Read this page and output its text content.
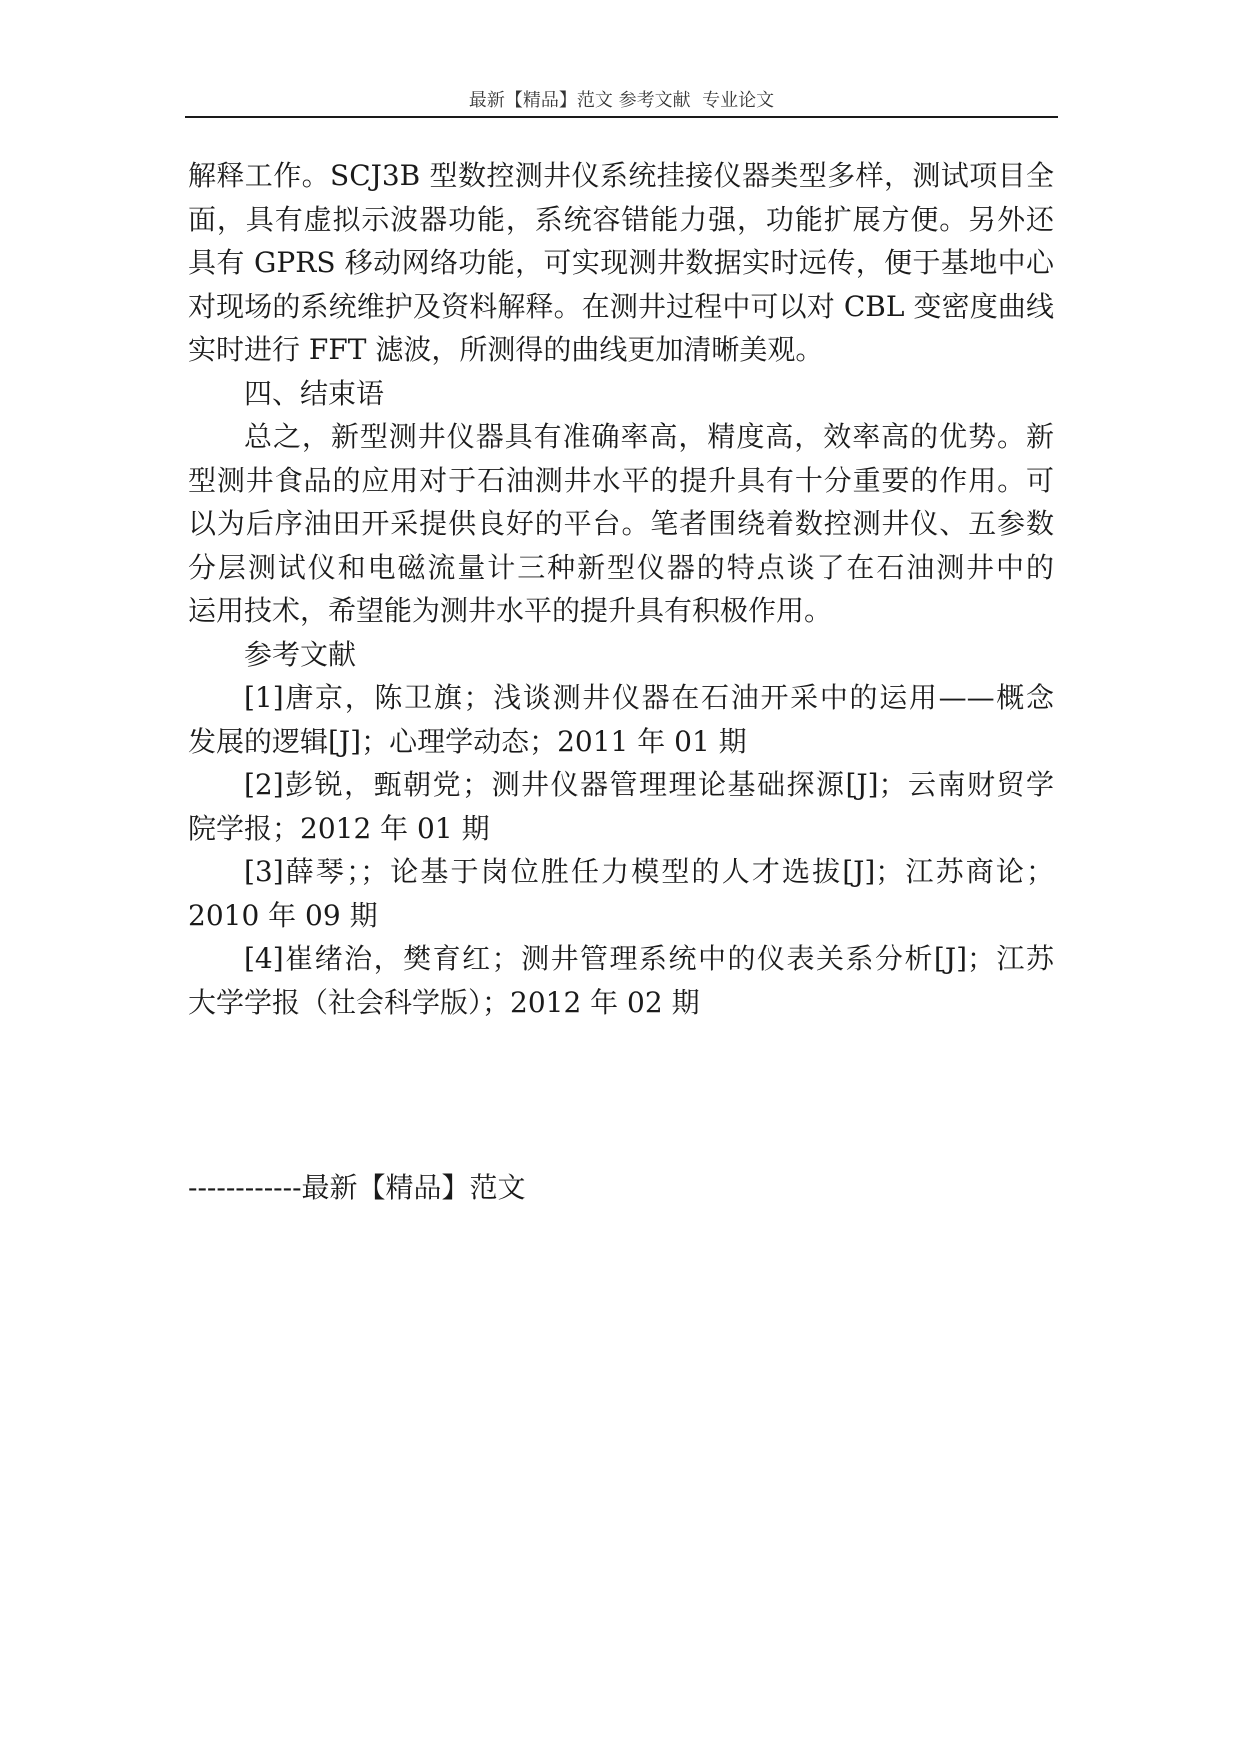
最新【精品】范文 参考文献  专业论文
解释工作。SCJ3B 型数控测井仪系统挂接仪器类型多样，测试项目全
面，具有虚拟示波器功能，系统容错能力强，功能扩展方便。另外还
具有 GPRS 移动网络功能，可实现测井数据实时远传，便于基地中心
对现场的系统维护及资料解释。在测井过程中可以对 CBL 变密度曲线
实时进行 FFT 滤波，所测得的曲线更加清晰美观。
四、结束语
总之，新型测井仪器具有准确率高，精度高，效率高的优势。新
型测井食品的应用对于石油测井水平的提升具有十分重要的作用。可
以为后序油田开采提供良好的平台。笔者围绕着数控测井仪、五参数
分层测试仪和电磁流量计三种新型仪器的特点谈了在石油测井中的
运用技术，希望能为测井水平的提升具有积极作用。
参考文献
[1]唐京，陈卫旗；浅谈测井仪器在石油开采中的运用——概念
发展的逻辑[J]；心理学动态；2011 年 01 期
[2]彭锐，甄朝党；测井仪器管理理论基础探源[J]；云南财贸学
院学报；2012 年 01 期
[3]薛琴；；论基于岗位胜任力模型的人才选拔[J]；江苏商论；
2010 年 09 期
[4]崔绪治，樊育红；测井管理系统中的仪表关系分析[J]；江苏
大学学报（社会科学版）；2012 年 02 期
------------最新【精品】范文
